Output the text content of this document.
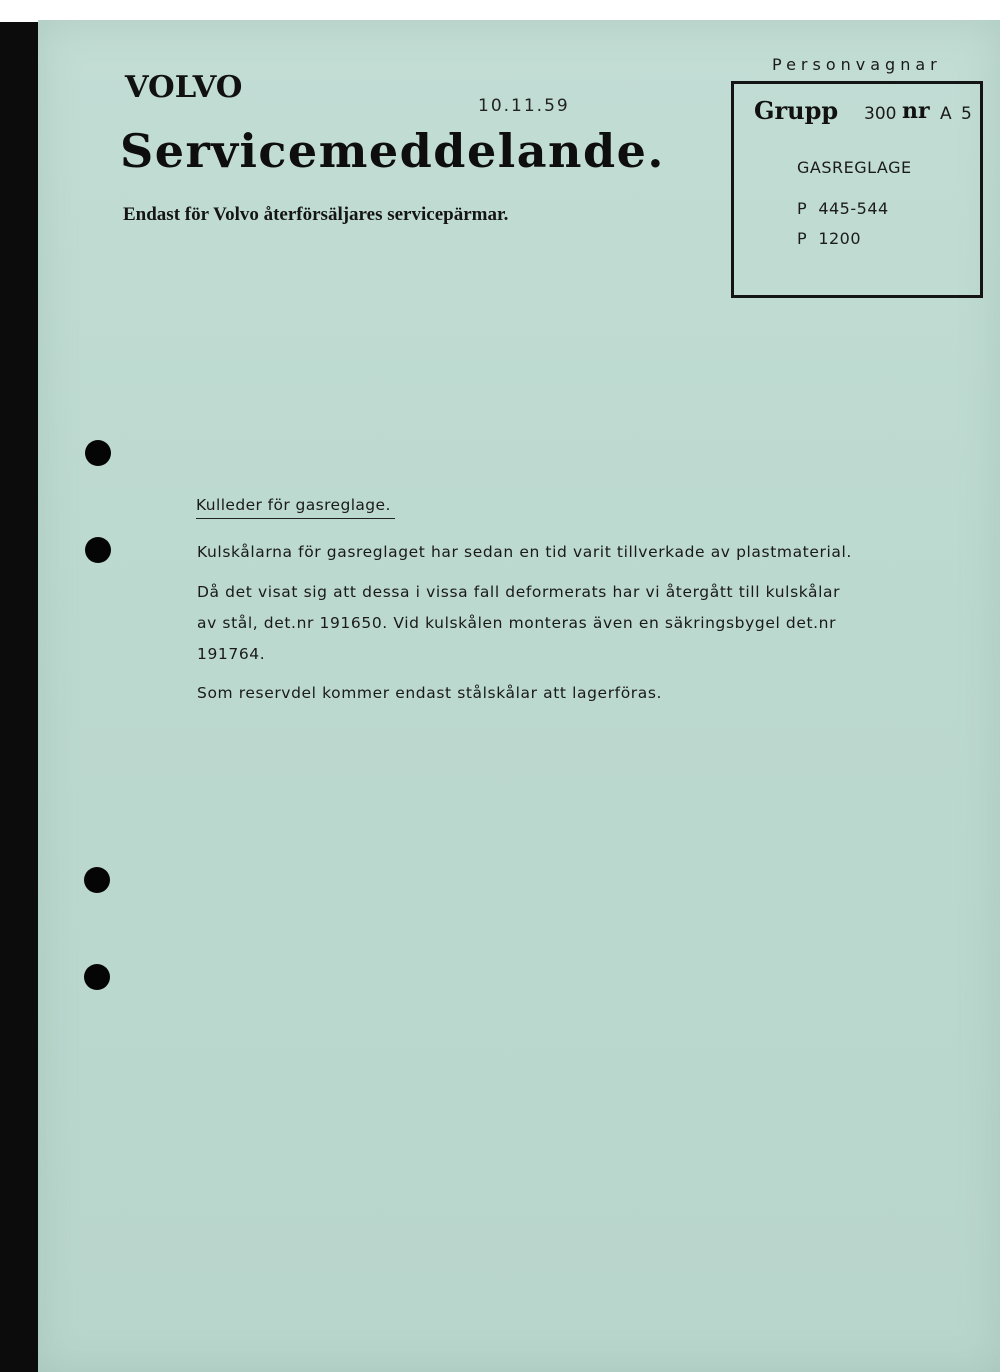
VOLVO
10.11.59
Servicemeddelande.
Endast för Volvo återförsäljares servicepärmar.
Personvagnar
Grupp 300 nr A 5
GASREGLAGE
P  445-544
P  1200
Kulleder för gasreglage.
Kulskålarna för gasreglaget har sedan en tid varit tillverkade av plastmaterial.
Då det visat sig att dessa i vissa fall deformerats har vi återgått till kulskålar
av stål, det.nr 191650. Vid kulskålen monteras även en säkringsbygel det.nr
191764.
Som reservdel kommer endast stålskålar att lagerföras.
